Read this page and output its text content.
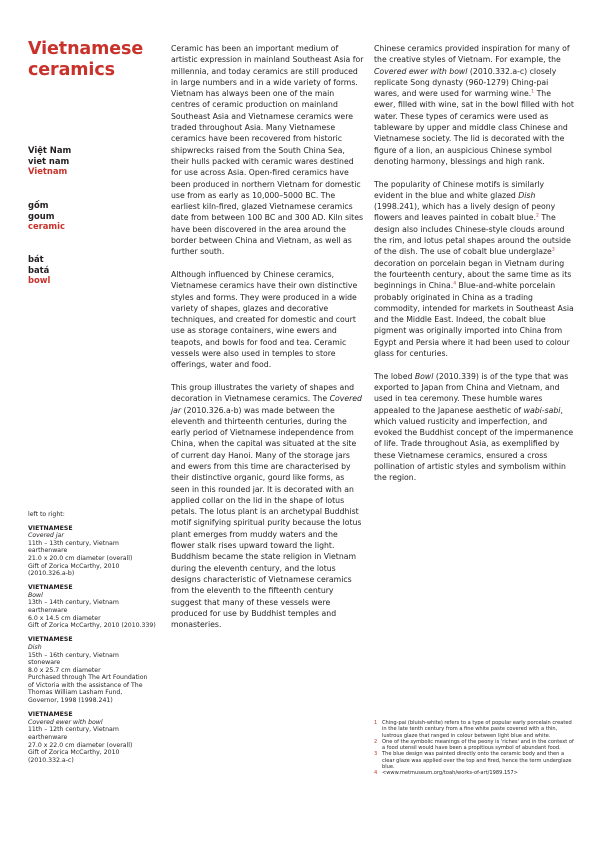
Vietnamese ceramics
Việt Nam
viet nam
Vietnam
gốm
goum
ceramic
bát
batá
bowl
left to right:
VIETNAMESE
Covered jar
11th – 13th century, Vietnam
earthenware
21.0 x 20.0 cm diameter (overall)
Gift of Zorica McCarthy, 2010
(2010.326.a-b)
VIETNAMESE
Bowl
13th – 14th century, Vietnam
earthenware
6.0 x 14.5 cm diameter
Gift of Zorica McCarthy, 2010 (2010.339)
VIETNAMESE
Dish
15th – 16th century, Vietnam
stoneware
8.0 x 25.7 cm diameter
Purchased through The Art Foundation
of Victoria with the assistance of The
Thomas William Lasham Fund,
Governor, 1998 (1998.241)
VIETNAMESE
Covered ewer with bowl
11th – 12th century, Vietnam
earthenware
27.0 x 22.0 cm diameter (overall)
Gift of Zorica McCarthy, 2010
(2010.332.a-c)

Ceramic has been an important medium of artistic expression in mainland Southeast Asia for millennia, and today ceramics are still produced in large numbers and in a wide variety of forms. Vietnam has always been one of the main centres of ceramic production on mainland Southeast Asia and Vietnamese ceramics were traded throughout Asia. Many Vietnamese ceramics have been recovered from historic shipwrecks raised from the South China Sea, their hulls packed with ceramic wares destined for use across Asia. Open-fired ceramics have been produced in northern Vietnam for domestic use from as early as 10,000–5000 BC. The earliest kiln-fired, glazed Vietnamese ceramics date from between 100 BC and 300 AD. Kiln sites have been discovered in the area around the border between China and Vietnam, as well as further south.

Although influenced by Chinese ceramics, Vietnamese ceramics have their own distinctive styles and forms. They were produced in a wide variety of shapes, glazes and decorative techniques, and created for domestic and court use as storage containers, wine ewers and teapots, and bowls for food and tea. Ceramic vessels were also used in temples to store offerings, water and food.

This group illustrates the variety of shapes and decoration in Vietnamese ceramics. The Covered jar (2010.326.a-b) was made between the eleventh and thirteenth centuries, during the early period of Vietnamese independence from China, when the capital was situated at the site of current day Hanoi. Many of the storage jars and ewers from this time are characterised by their distinctive organic, gourd like forms, as seen in this rounded jar. It is decorated with an applied collar on the lid in the shape of lotus petals. The lotus plant is an archetypal Buddhist motif signifying spiritual purity because the lotus plant emerges from muddy waters and the flower stalk rises upward toward the light. Buddhism became the state religion in Vietnam during the eleventh century, and the lotus designs characteristic of Vietnamese ceramics from the eleventh to the fifteenth century suggest that many of these vessels were produced for use by Buddhist temples and monasteries.

Chinese ceramics provided inspiration for many of the creative styles of Vietnam. For example, the Covered ewer with bowl (2010.332.a-c) closely replicate Song dynasty (960-1279) Ching-pai wares, and were used for warming wine.$^1$ The ewer, filled with wine, sat in the bowl filled with hot water. These types of ceramics were used as tableware by upper and middle class Chinese and Vietnamese society. The lid is decorated with the figure of a lion, an auspicious Chinese symbol denoting harmony, blessings and high rank.

The popularity of Chinese motifs is similarly evident in the blue and white glazed Dish (1998.241), which has a lively design of peony flowers and leaves painted in cobalt blue.$^2$ The design also includes Chinese-style clouds around the rim, and lotus petal shapes around the outside of the dish. The use of cobalt blue underglaze$^3$ decoration on porcelain began in Vietnam during the fourteenth century, about the same time as its beginnings in China.$^4$ Blue-and-white porcelain probably originated in China as a trading commodity, intended for markets in Southeast Asia and the Middle East. Indeed, the cobalt blue pigment was originally imported into China from Egypt and Persia where it had been used to colour glass for centuries.

The lobed Bowl (2010.339) is of the type that was exported to Japan from China and Vietnam, and used in tea ceremony. These humble wares appealed to the Japanese aesthetic of wabi-sabi, which valued rusticity and imperfection, and evoked the Buddhist concept of the impermanence of life. Trade throughout Asia, as exemplified by these Vietnamese ceramics, ensured a cross pollination of artistic styles and symbolism within the region.

1 Ching-pai (bluish-white) refers to a type of popular early porcelain created in the late tenth century from a fine white paste covered with a thin, lustrous glaze that ranged in colour between light blue and white.
2 One of the symbolic meanings of the peony is 'riches' and in the context of a food utensil would have been a propitious symbol of abundant food.
3 The blue design was painted directly onto the ceramic body and then a clear glaze was applied over the top and fired, hence the term underglaze blue.
4 <www.metmuseum.org/toah/works-of-art/1989.157>
